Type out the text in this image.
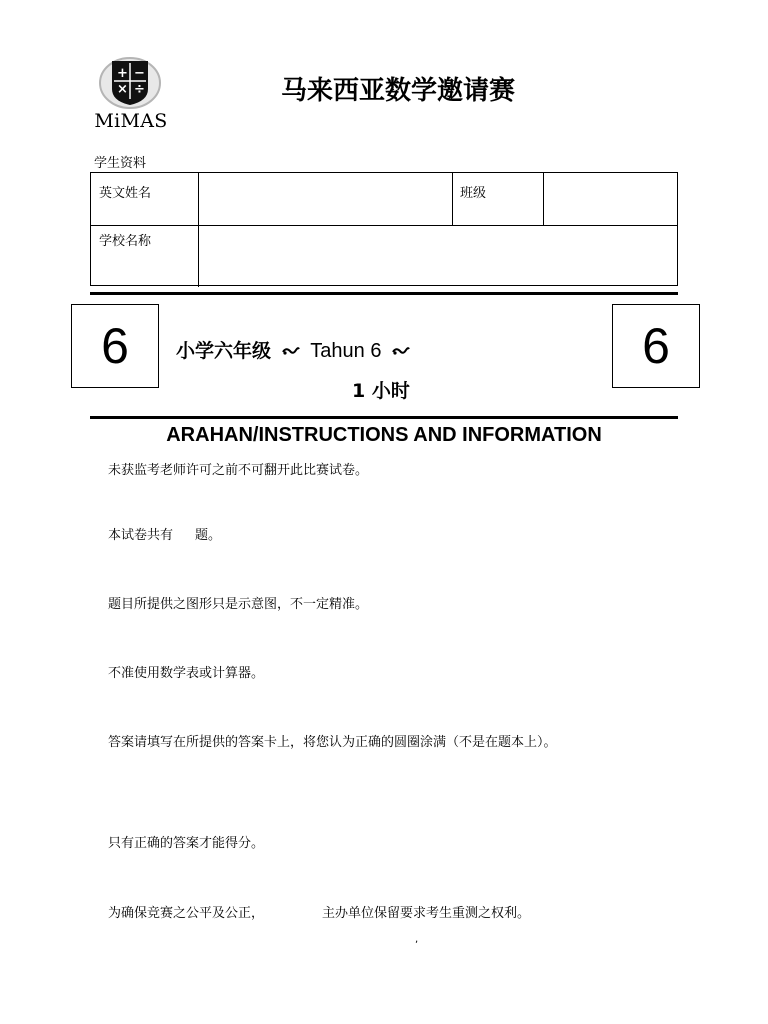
+ −
× ÷
MiMAS
马来西亚数学邀请赛
学生资料
英文姓名	班级
学校名称
6	6
小学六年级 Tahun 6
1 小时
ARAHAN/INSTRUCTIONS AND INFORMATION
未获监考老师许可之前不可翻开此比赛试卷。
本试卷共有 题。
题目所提供之图形只是示意图，不一定精准。
不准使用数学表或计算器。
答案请填写在所提供的答案卡上，将您认为正确的圆圈涂满（不是在题本上）。
只有正确的答案才能得分。
为确保竞赛之公平及公正，	主办单位保留要求考生重测之权利。
,
